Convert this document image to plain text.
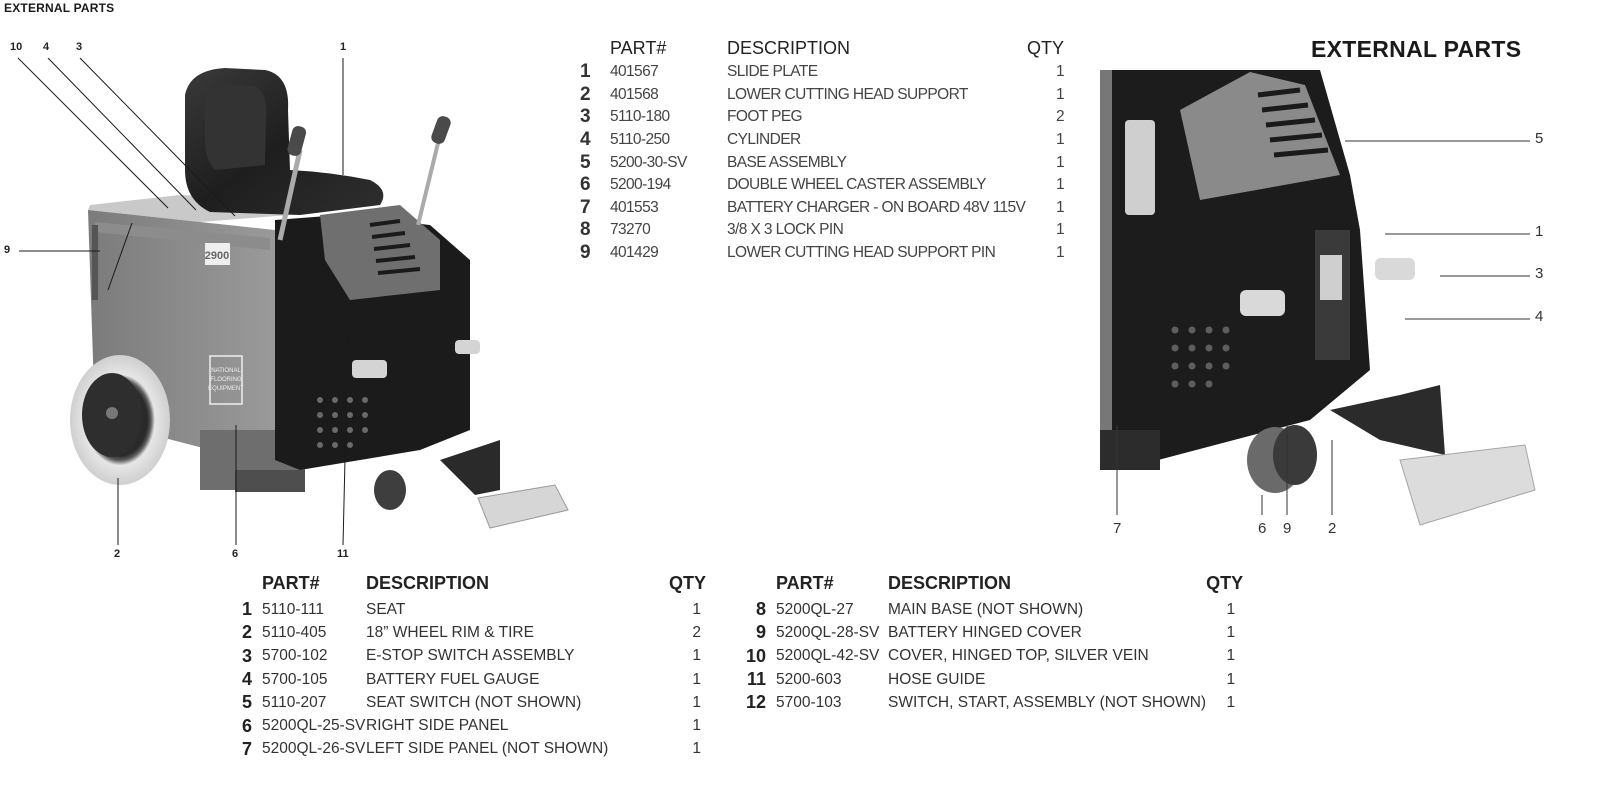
EXTERNAL PARTS
EXTERNAL PARTS
2900
NATIONAL
FLOORING
EQUIPMENT
10 4 3	1
9
2	6	11
5
1
3
4
7	6 9 2
	PART#	DESCRIPTION	QTY
1	401567	SLIDE PLATE	1
2	401568	LOWER CUTTING HEAD SUPPORT	1
3	5110-180	FOOT PEG	2
4	5110-250	CYLINDER	1
5	5200-30-SV	BASE ASSEMBLY	1
6	5200-194	DOUBLE WHEEL CASTER ASSEMBLY	1
7	401553	BATTERY CHARGER - ON BOARD 48V 115V	1
8	73270	3/8 X 3 LOCK PIN	1
9	401429	LOWER CUTTING HEAD SUPPORT PIN	1
	PART#	DESCRIPTION	QTY
1	5110-111	SEAT	1
2	5110-405	18” WHEEL RIM & TIRE	2
3	5700-102	E-STOP SWITCH ASSEMBLY	1
4	5700-105	BATTERY FUEL GAUGE	1
5	5110-207	SEAT SWITCH (NOT SHOWN)	1
6	5200QL-25-SV	RIGHT SIDE PANEL	1
7	5200QL-26-SV	LEFT SIDE PANEL (NOT SHOWN)	1
	PART#	DESCRIPTION	QTY
8	5200QL-27	MAIN BASE (NOT SHOWN)	1
9	5200QL-28-SV	BATTERY HINGED COVER	1
10	5200QL-42-SV	COVER, HINGED TOP, SILVER VEIN	1
11	5200-603	HOSE GUIDE	1
12	5700-103	SWITCH, START, ASSEMBLY (NOT SHOWN)	1
